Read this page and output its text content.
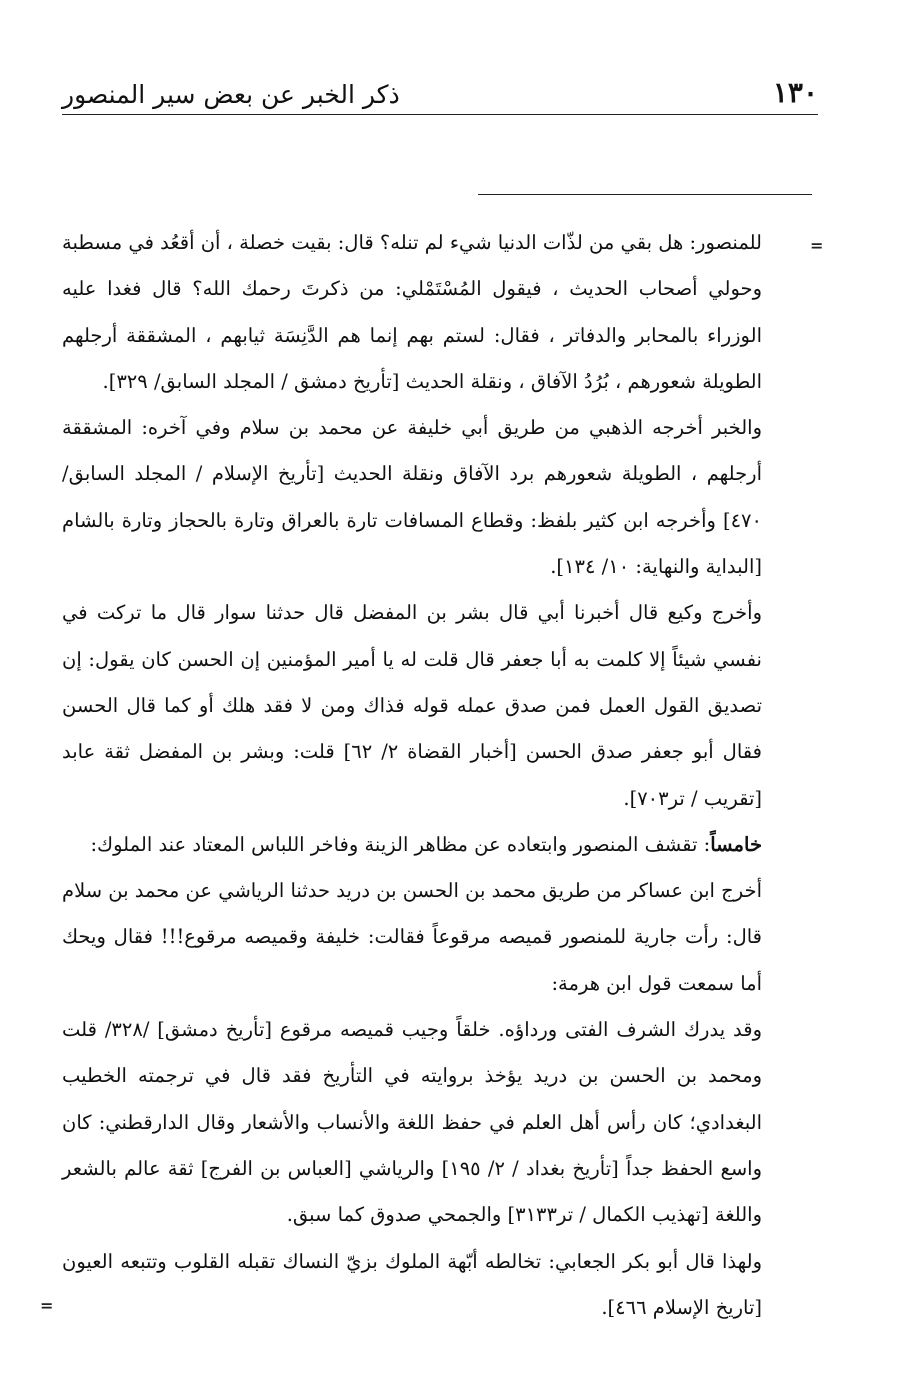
١٣٠
ذكر الخبر عن بعض سير المنصور
=
=

للمنصور: هل بقي من لذّات الدنيا شيء لم تنله؟ قال: بقيت خصلة ، أن أقعُد في مسطبة وحولي أصحاب الحديث ، فيقول المُسْتَمْلي: من ذكرتَ رحمك الله؟ قال فغدا عليه الوزراء بالمحابر والدفاتر ، فقال: لستم بهم إنما هم الدَّنِسَة ثيابهم ، المشققة أرجلهم الطويلة شعورهم ، بُرُدُ الآفاق ، ونقلة الحديث [تأريخ دمشق / المجلد السابق/ ٣٢٩].

والخبر أخرجه الذهبي من طريق أبي خليفة عن محمد بن سلام وفي آخره: المشققة أرجلهم ، الطويلة شعورهم برد الآفاق ونقلة الحديث [تأريخ الإسلام / المجلد السابق/ ٤٧٠] وأخرجه ابن كثير بلفظ: وقطاع المسافات تارة بالعراق وتارة بالحجاز وتارة بالشام [البداية والنهاية: ١٠/ ١٣٤].

وأخرج وكيع قال أخبرنا أبي قال بشر بن المفضل قال حدثنا سوار قال ما تركت في نفسي شيئاً إلا كلمت به أبا جعفر قال قلت له يا أمير المؤمنين إن الحسن كان يقول: إن تصديق القول العمل فمن صدق عمله قوله فذاك ومن لا فقد هلك أو كما قال الحسن فقال أبو جعفر صدق الحسن [أخبار القضاة ٢/ ٦٢] قلت: وبشر بن المفضل ثقة عابد [تقريب / تر٧٠٣].

خامساً: تقشف المنصور وابتعاده عن مظاهر الزينة وفاخر اللباس المعتاد عند الملوك:

أخرج ابن عساكر من طريق محمد بن الحسن بن دريد حدثنا الرياشي عن محمد بن سلام قال: رأت جارية للمنصور قميصه مرقوعاً فقالت: خليفة وقميصه مرقوع!!! فقال ويحك أما سمعت قول ابن هرمة:

وقد يدرك الشرف الفتى ورداؤه. خلقاً وجيب قميصه مرقوع [تأريخ دمشق] /٣٢٨/ قلت ومحمد بن الحسن بن دريد يؤخذ بروايته في التأريخ فقد قال في ترجمته الخطيب البغدادي؛ كان رأس أهل العلم في حفظ اللغة والأنساب والأشعار وقال الدارقطني: كان واسع الحفظ جداً [تأريخ بغداد / ٢/ ١٩٥] والرياشي [العباس بن الفرج] ثقة عالم بالشعر واللغة [تهذيب الكمال / تر٣١٣٣] والجمحي صدوق كما سبق.

ولهذا قال أبو بكر الجعابي: تخالطه أبّهة الملوك بزيّ النساك تقبله القلوب وتتبعه العيون [تاريخ الإسلام ٤٦٦].
